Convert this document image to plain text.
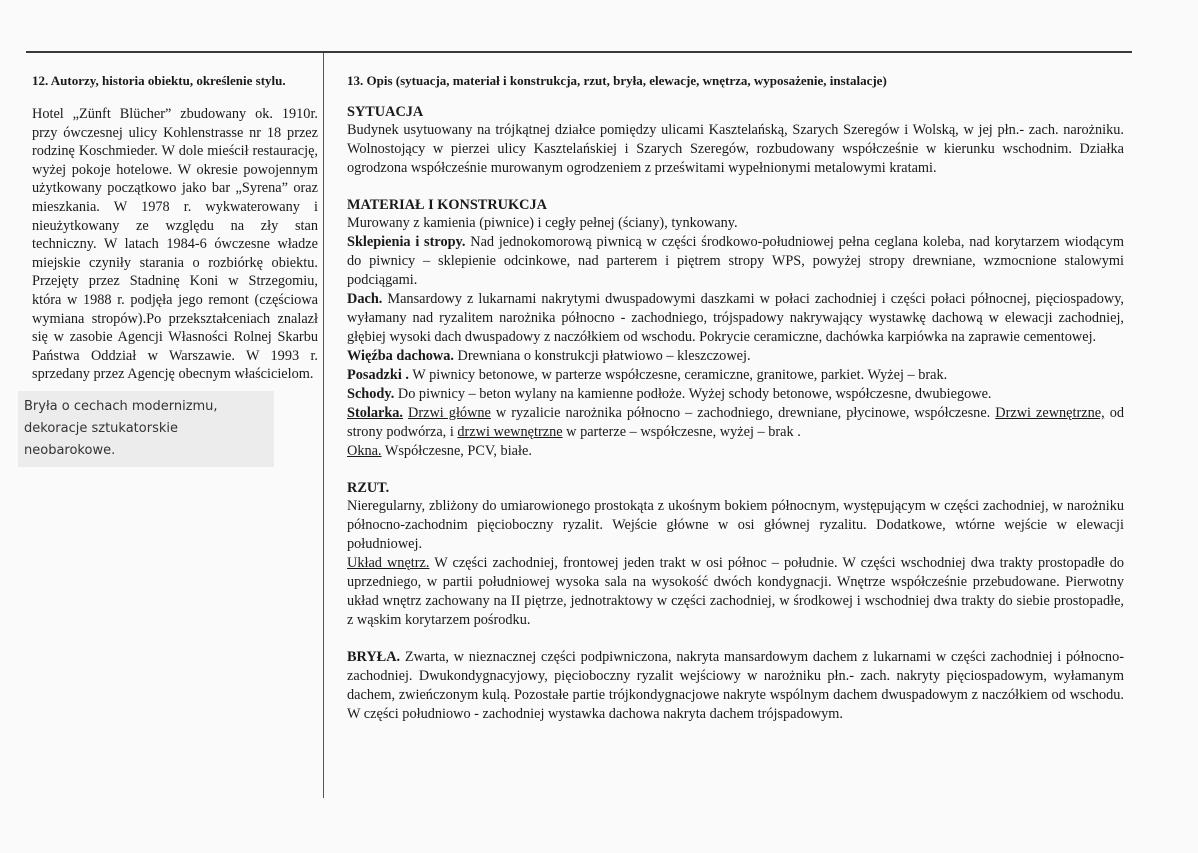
12. Autorzy, historia obiektu, określenie stylu.

Hotel „Zünft Blücher” zbudowany ok. 1910r. przy ówczesnej ulicy Kohlenstrasse nr 18 przez rodzinę Koschmieder. W dole mieścił restaurację, wyżej pokoje hotelowe. W okresie powojennym użytkowany początkowo jako bar „Syrena” oraz mieszkania. W 1978 r. wykwaterowany i nieużytkowany ze względu na zły stan techniczny. W latach 1984-6 ówczesne władze miejskie czyniły starania o rozbiórkę obiektu. Przejęty przez Stadninę Koni w Strzegomiu, która w 1988 r. podjęła jego remont (częściowa wymiana stropów).Po przekształceniach znalazł się w zasobie Agencji Własności Rolnej Skarbu Państwa Oddział w Warszawie. W 1993 r. sprzedany przez Agencję obecnym właścicielom.

Bryła o cechach modernizmu, dekoracje sztukatorskie neobarokowe.

13. Opis (sytuacja, materiał i konstrukcja, rzut, bryła, elewacje, wnętrza, wyposażenie, instalacje)

SYTUACJA

Budynek usytuowany na trójkątnej działce pomiędzy ulicami Kasztelańską, Szarych Szeregów i Wolską, w jej płn.- zach. narożniku. Wolnostojący w pierzei ulicy Kasztelańskiej i Szarych Szeregów, rozbudowany współcześnie w kierunku wschodnim. Działka ogrodzona współcześnie murowanym ogrodzeniem z prześwitami wypełnionymi metalowymi kratami.

MATERIAŁ I KONSTRUKCJA

Murowany z kamienia (piwnice) i cegły pełnej (ściany), tynkowany.

Sklepienia i stropy. Nad jednokomorową piwnicą w części środkowo-południowej pełna ceglana koleba, nad korytarzem wiodącym do piwnicy – sklepienie odcinkowe, nad parterem i piętrem stropy WPS, powyżej stropy drewniane, wzmocnione stalowymi podciągami.

Dach. Mansardowy z lukarnami nakrytymi dwuspadowymi daszkami w połaci zachodniej i części połaci północnej, pięciospadowy, wyłamany nad ryzalitem narożnika północno - zachodniego, trójspadowy nakrywający wystawkę dachową w elewacji zachodniej, głębiej wysoki dach dwuspadowy z naczółkiem od wschodu. Pokrycie ceramiczne, dachówka karpiówka na zaprawie cementowej.

Więźba dachowa. Drewniana o konstrukcji płatwiowo – kleszczowej.

Posadzki . W piwnicy betonowe, w parterze współczesne, ceramiczne, granitowe, parkiet. Wyżej – brak.

Schody. Do piwnicy – beton wylany na kamienne podłoże. Wyżej schody betonowe, współczesne, dwubiegowe.

Stolarka. Drzwi główne w ryzalicie narożnika północno – zachodniego, drewniane, płycinowe, współczesne. Drzwi zewnętrzne, od strony podwórza, i drzwi wewnętrzne w parterze – współczesne, wyżej – brak .

Okna. Współczesne, PCV, białe.

RZUT.

Nieregularny, zbliżony do umiarowionego prostokąta z ukośnym bokiem północnym, występującym w części zachodniej, w narożniku północno-zachodnim pięcioboczny ryzalit. Wejście główne w osi głównej ryzalitu. Dodatkowe, wtórne wejście w elewacji południowej.

Układ wnętrz. W części zachodniej, frontowej jeden trakt w osi północ – południe. W części wschodniej dwa trakty prostopadłe do uprzedniego, w partii południowej wysoka sala na wysokość dwóch kondygnacji. Wnętrze współcześnie przebudowane. Pierwotny układ wnętrz zachowany na II piętrze, jednotraktowy w części zachodniej, w środkowej i wschodniej dwa trakty do siebie prostopadłe, z wąskim korytarzem pośrodku.

BRYŁA. Zwarta, w nieznacznej części podpiwniczona, nakryta mansardowym dachem z lukarnami w części zachodniej i północno-zachodniej. Dwukondygnacyjowy, pięcioboczny ryzalit wejściowy w narożniku płn.- zach. nakryty pięciospadowym, wyłamanym dachem, zwieńczonym kulą. Pozostałe partie trójkondygnacjowe nakryte wspólnym dachem dwuspadowym z naczółkiem od wschodu. W części południowo - zachodniej wystawka dachowa nakryta dachem trójspadowym.
